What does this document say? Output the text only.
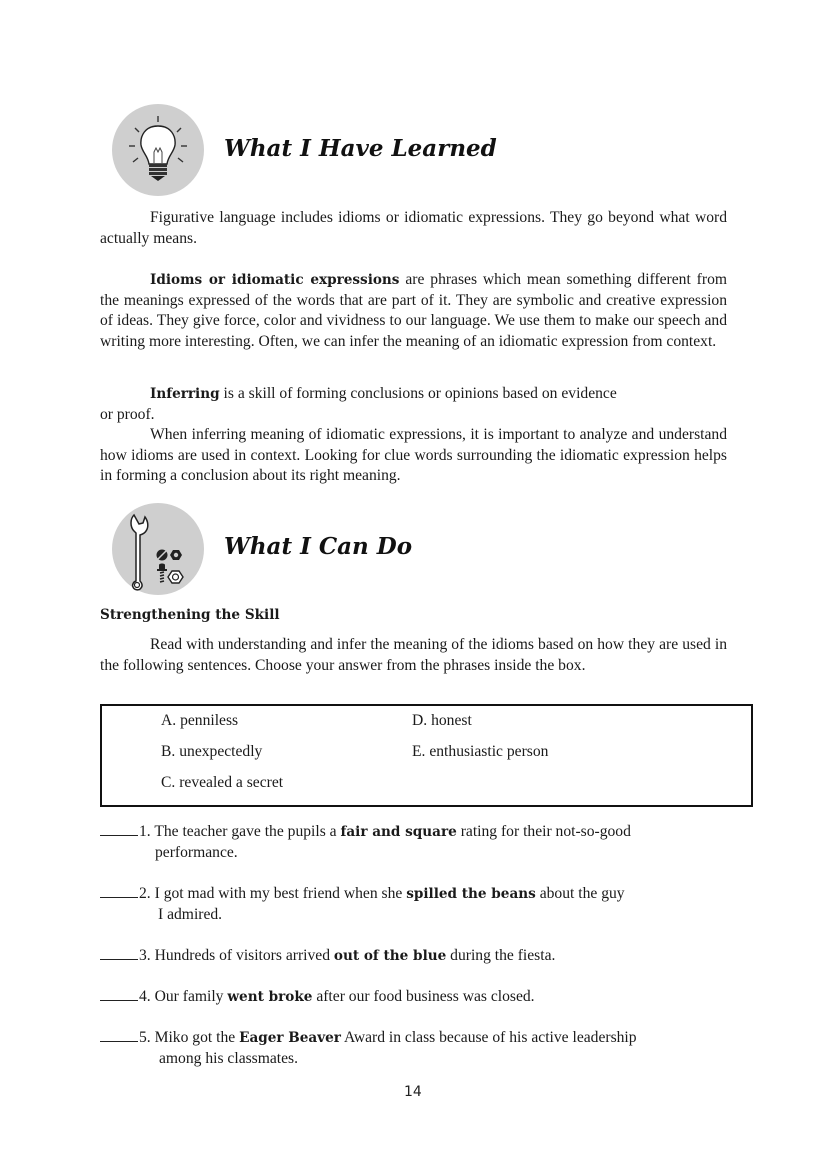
What I Have Learned

Figurative language includes idioms or idiomatic expressions. They go beyond what word actually means.

Idioms or idiomatic expressions are phrases which mean something different from the meanings expressed of the words that are part of it. They are symbolic and creative expression of ideas. They give force, color and vividness to our language. We use them to make our speech and writing more interesting. Often, we can infer the meaning of an idiomatic expression from context.

Inferring is a skill of forming conclusions or opinions based on evidence

or proof.

When inferring meaning of idiomatic expressions, it is important to analyze and understand how idioms are used in context. Looking for clue words surrounding the idiomatic expression helps in forming a conclusion about its right meaning.

What I Can Do
Strengthening the Skill

Read with understanding and infer the meaning of the idioms based on how they are used in the following sentences. Choose your answer from the phrases inside the box.

A. penniless
B. unexpectedly
C. revealed a secret
D. honest
E. enthusiastic person
1. The teacher gave the pupils a fair and square rating for their not-so-good
performance.
2. I got mad with my best friend when she spilled the beans about the guy
I admired.
3. Hundreds of visitors arrived out of the blue during the fiesta.
4. Our family went broke after our food business was closed.
5. Miko got the Eager Beaver Award in class because of his active leadership
among his classmates.
14
